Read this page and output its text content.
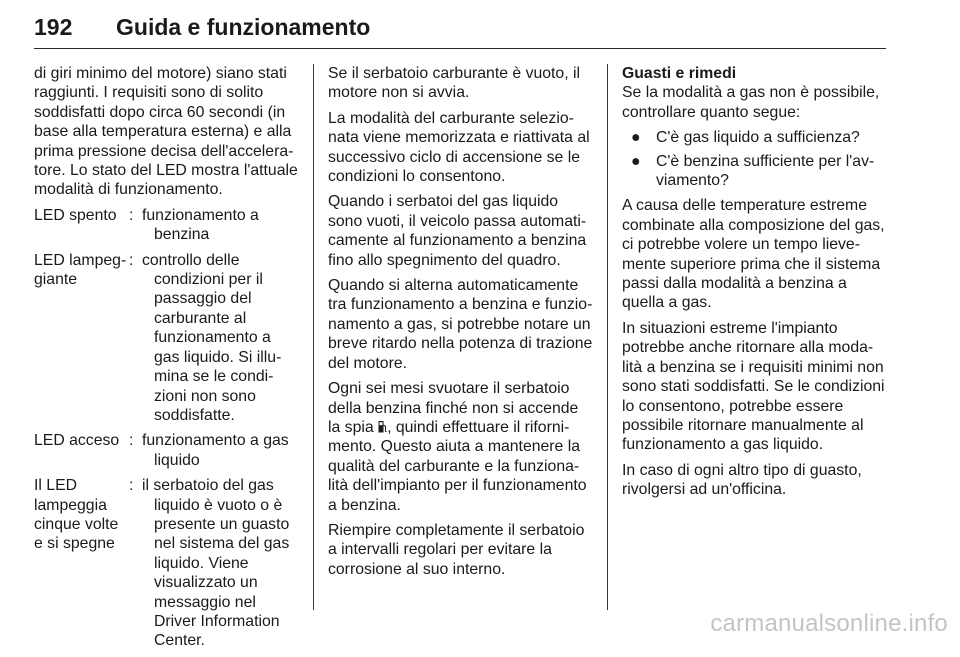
192 Guida e funzionamento

di giri minimo del motore) siano stati raggiunti. I requisiti sono di solito soddisfatti dopo circa 60 secondi (in base alla temperatura esterna) e alla prima pressione decisa dell'acceleratore. Lo stato del LED mostra l'attuale modalità di funzionamento.

LED spento : funzionamento a benzina
LED lampeggiante
: controllo delle condizioni per il passaggio del carburante al funzionamento a gas liquido. Si illumina se le condizioni non sono soddisfatte.
LED acceso : funzionamento a gas liquido
Il LED lampeggia cinque volte e si spegne
: il serbatoio del gas liquido è vuoto o è presente un guasto nel sistema del gas liquido. Viene visualizzato un messaggio nel Driver Information Center.

Se il serbatoio carburante è vuoto, il motore non si avvia.

La modalità del carburante selezionata viene memorizzata e riattivata al successivo ciclo di accensione se le condizioni lo consentono.

Quando i serbatoi del gas liquido sono vuoti, il veicolo passa automaticamente al funzionamento a benzina fino allo spegnimento del quadro.

Quando si alterna automaticamente tra funzionamento a benzina e funzionamento a gas, si potrebbe notare un breve ritardo nella potenza di trazione del motore.

Ogni sei mesi svuotare il serbatoio della benzina finché non si accende la spia , quindi effettuare il rifornimento. Questo aiuta a mantenere la qualità del carburante e la funzionalità dell'impianto per il funzionamento a benzina.

Riempire completamente il serbatoio a intervalli regolari per evitare la corrosione al suo interno.

Guasti e rimedi

Se la modalità a gas non è possibile, controllare quanto segue:

● C'è gas liquido a sufficienza?
● C'è benzina sufficiente per l'avviamento?

A causa delle temperature estreme combinate alla composizione del gas, ci potrebbe volere un tempo lievemente superiore prima che il sistema passi dalla modalità a benzina a quella a gas.

In situazioni estreme l'impianto potrebbe anche ritornare alla modalità a benzina se i requisiti minimi non sono stati soddisfatti. Se le condizioni lo consentono, potrebbe essere possibile ritornare manualmente al funzionamento a gas liquido.

In caso di ogni altro tipo di guasto, rivolgersi ad un'officina.

carmanualsonline.info
